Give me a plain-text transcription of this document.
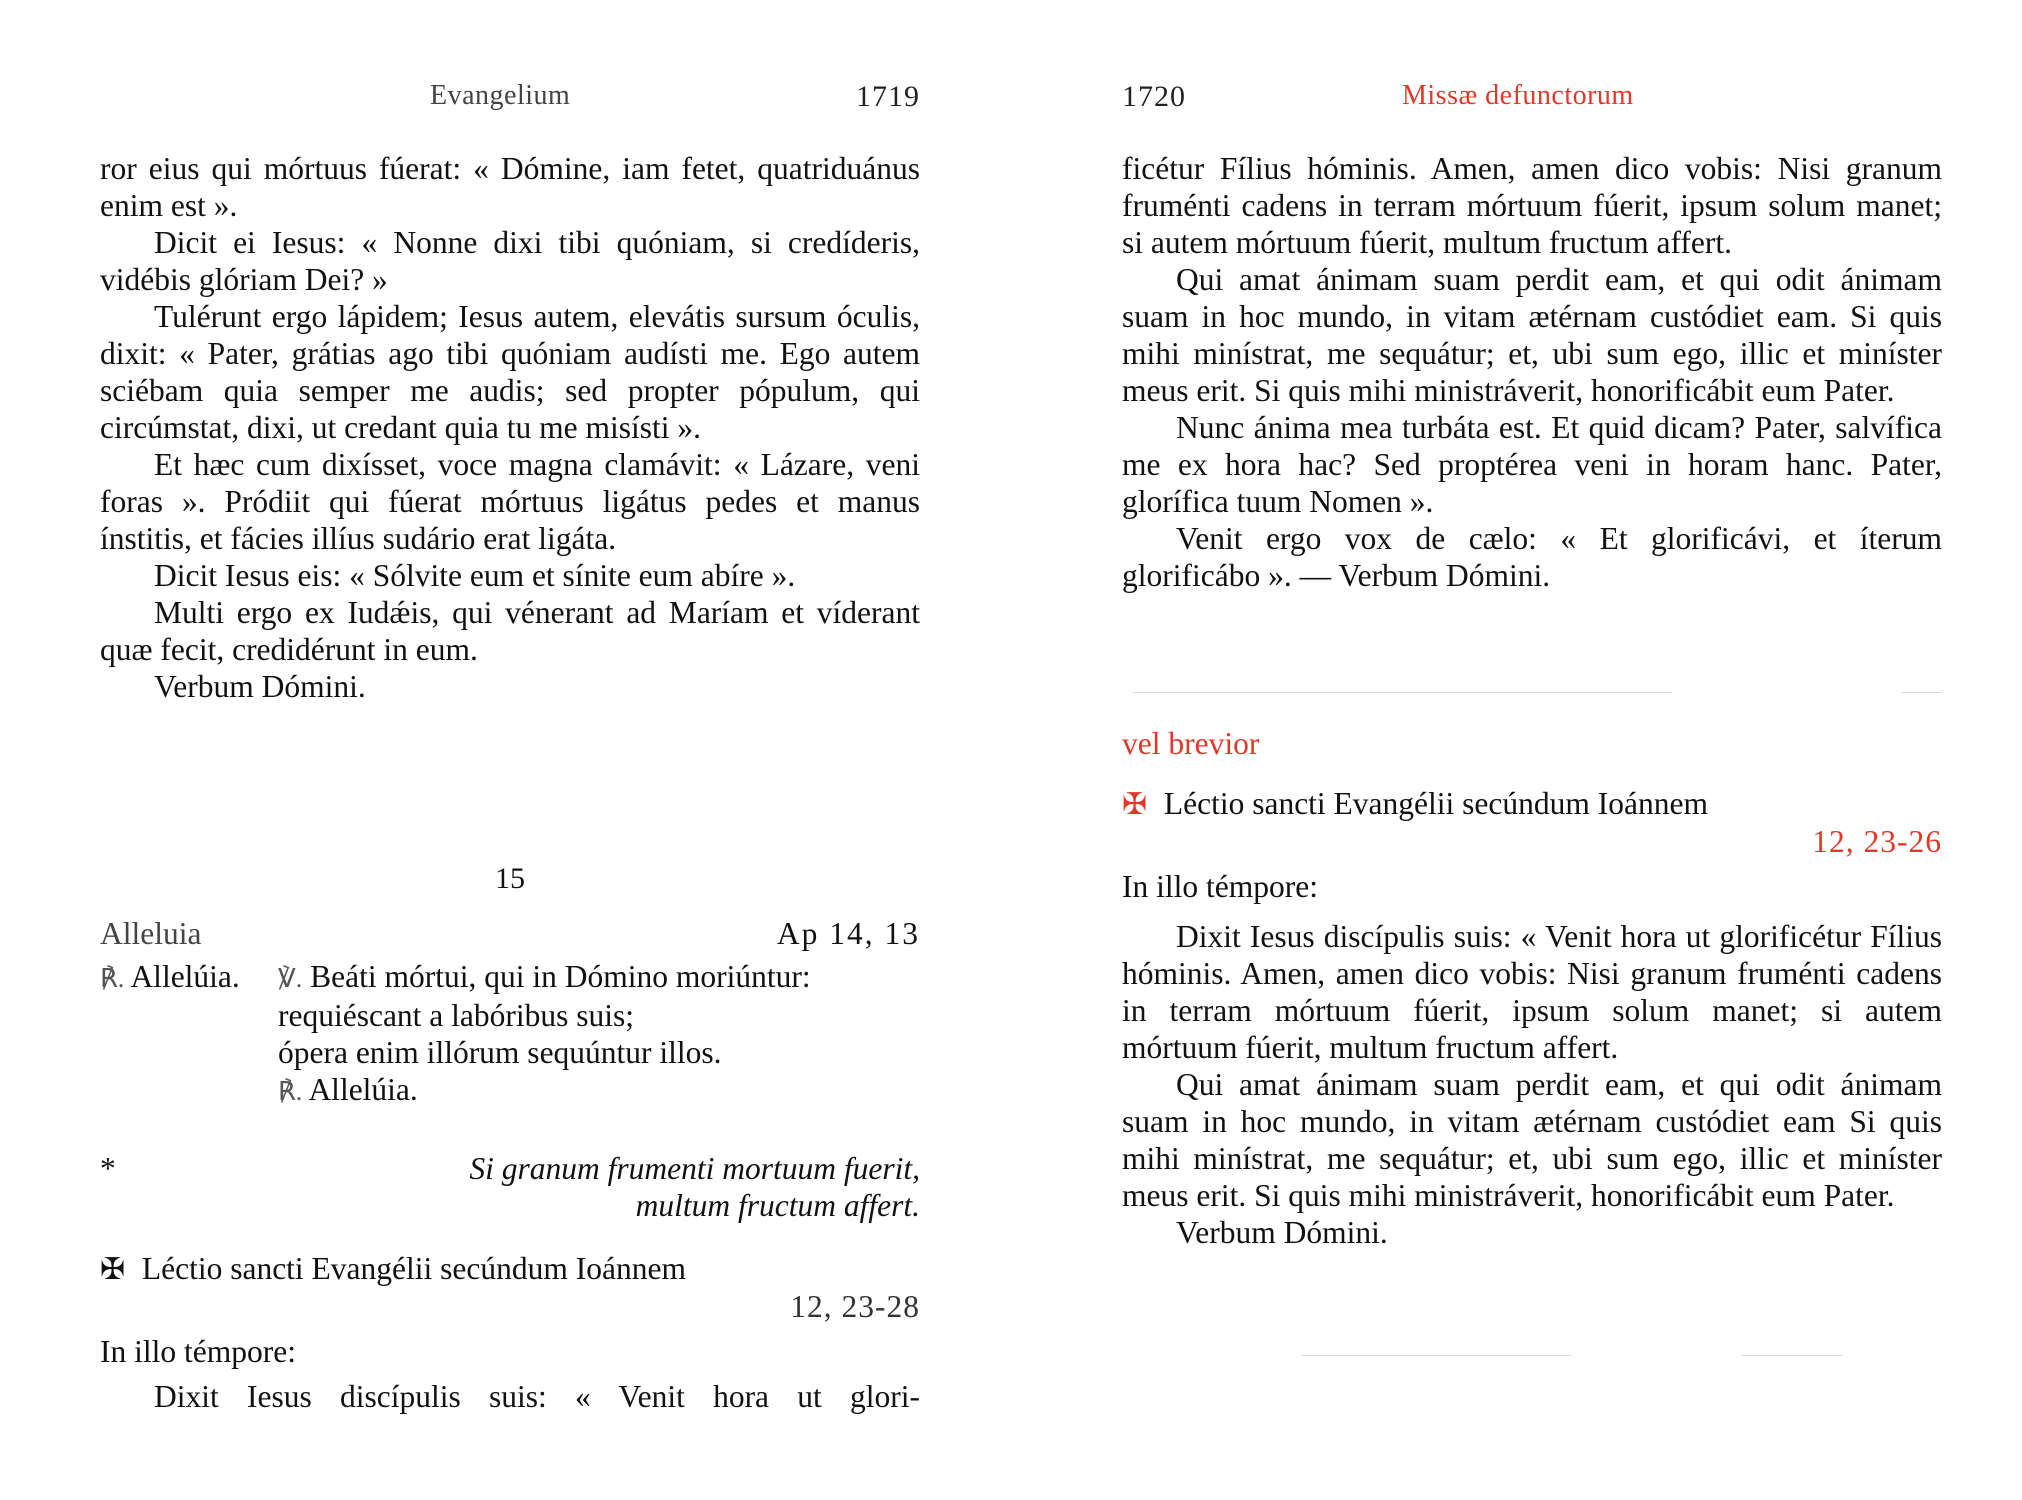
Evangelium	1719

ror eius qui mórtuus fúerat: « Dómine, iam fetet, quatriduánus enim est ».

Dicit ei Iesus: « Nonne dixi tibi quóniam, si credíderis, vidébis glóriam Dei? »

Tulérunt ergo lápidem; Iesus autem, elevátis sursum óculis, dixit: « Pater, grátias ago tibi quóniam audísti me. Ego autem sciébam quia semper me audis; sed propter pópulum, qui circúmstat, dixi, ut credant quia tu me misísti ».

Et hæc cum dixísset, voce magna clamávit: « Lázare, veni foras ». Pródiit qui fúerat mórtuus ligátus pedes et manus ínstitis, et fácies illíus sudário erat ligáta.

Dicit Iesus eis: « Sólvite eum et sínite eum abíre ».

Multi ergo ex Iudǽis, qui vénerant ad Maríam et víderant quæ fecit, credidérunt in eum.

Verbum Dómini.

15
Alleluia	Ap 14, 13
℟. Allelúia.	℣. Beáti mórtui, qui in Dómino moriúntur:
requiéscant a labóribus suis;
ópera enim illórum sequúntur illos.
℟. Allelúia.
*	Si granum frumenti mortuum fuerit,
multum fructum affert.
✠ Léctio sancti Evangélii secúndum Ioánnem
12, 23-28
In illo témpore:

Dixit Iesus discípulis suis: « Venit hora ut glori-

1720	Missæ defunctorum

ficétur Fílius hóminis. Amen, amen dico vobis: Nisi granum fruménti cadens in terram mórtuum fúerit, ipsum solum manet; si autem mórtuum fúerit, multum fructum affert.

Qui amat ánimam suam perdit eam, et qui odit ánimam suam in hoc mundo, in vitam ætérnam custódiet eam. Si quis mihi minístrat, me sequátur; et, ubi sum ego, illic et miníster meus erit. Si quis mihi ministráverit, honorificábit eum Pater.

Nunc ánima mea turbáta est. Et quid dicam? Pater, salvífica me ex hora hac? Sed proptérea veni in horam hanc. Pater, glorífica tuum Nomen ».

Venit ergo vox de cælo: « Et glorificávi, et íterum glorificábo ». — Verbum Dómini.

vel brevior
✠ Léctio sancti Evangélii secúndum Ioánnem
12, 23-26
In illo témpore:

Dixit Iesus discípulis suis: « Venit hora ut glorificétur Fílius hóminis. Amen, amen dico vobis: Nisi granum fruménti cadens in terram mórtuum fúerit, ipsum solum manet; si autem mórtuum fúerit, multum fructum affert.

Qui amat ánimam suam perdit eam, et qui odit ánimam suam in hoc mundo, in vitam ætérnam custódiet eam Si quis mihi minístrat, me sequátur; et, ubi sum ego, illic et miníster meus erit. Si quis mihi ministráverit, honorificábit eum Pater.

Verbum Dómini.
